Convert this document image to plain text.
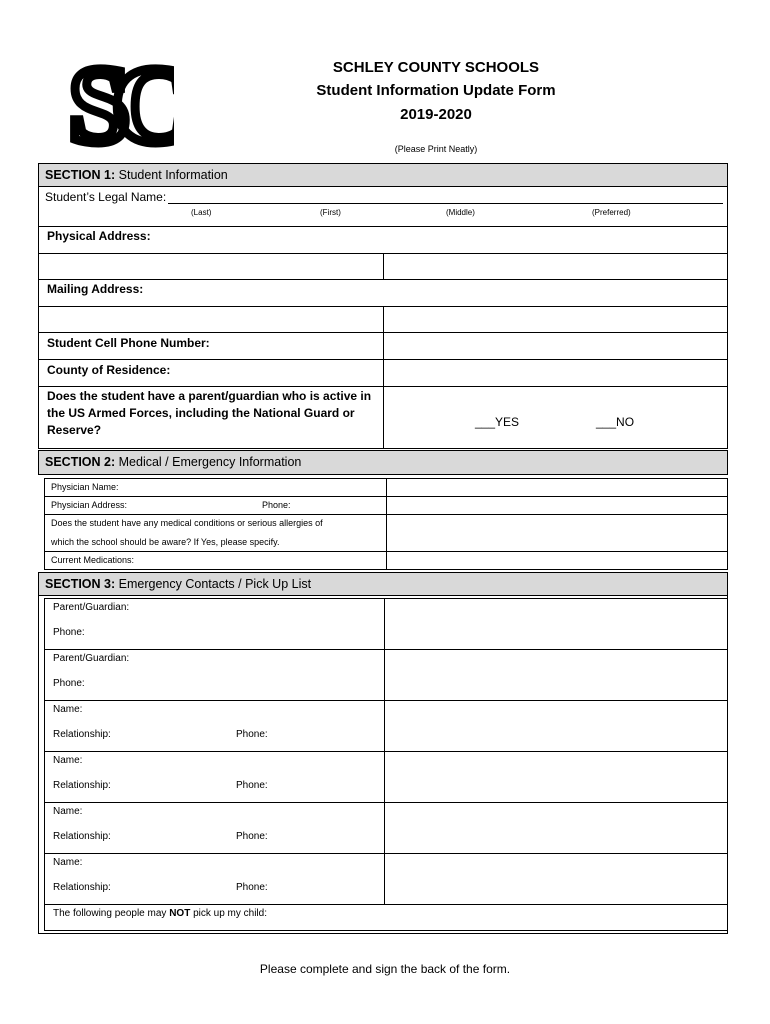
SC	SCHLEY COUNTY SCHOOLS
Student Information Update Form
2019-2020
(Please Print Neatly)
SECTION 1: Student Information
Student’s Legal Name:
(Last)	(First)	(Middle)	(Preferred)
Physical Address:
Mailing Address:
Student Cell Phone Number:
County of Residence:
Does the student have a parent/guardian who is active in the US Armed Forces, including the National Guard or Reserve?
___YES	___NO
SECTION 2: Medical / Emergency Information
Physician Name:
Physician Address:	Phone:
Does the student have any medical conditions or serious allergies of
which the school should be aware? If Yes, please specify.
Current Medications:
SECTION 3: Emergency Contacts / Pick Up List
Parent/Guardian:
Phone:
Parent/Guardian:
Phone:
Name:
Relationship:	Phone:
Name:
Relationship:	Phone:
Name:
Relationship:	Phone:
Name:
Relationship:	Phone:
The following people may NOT pick up my child:
Please complete and sign the back of the form.
